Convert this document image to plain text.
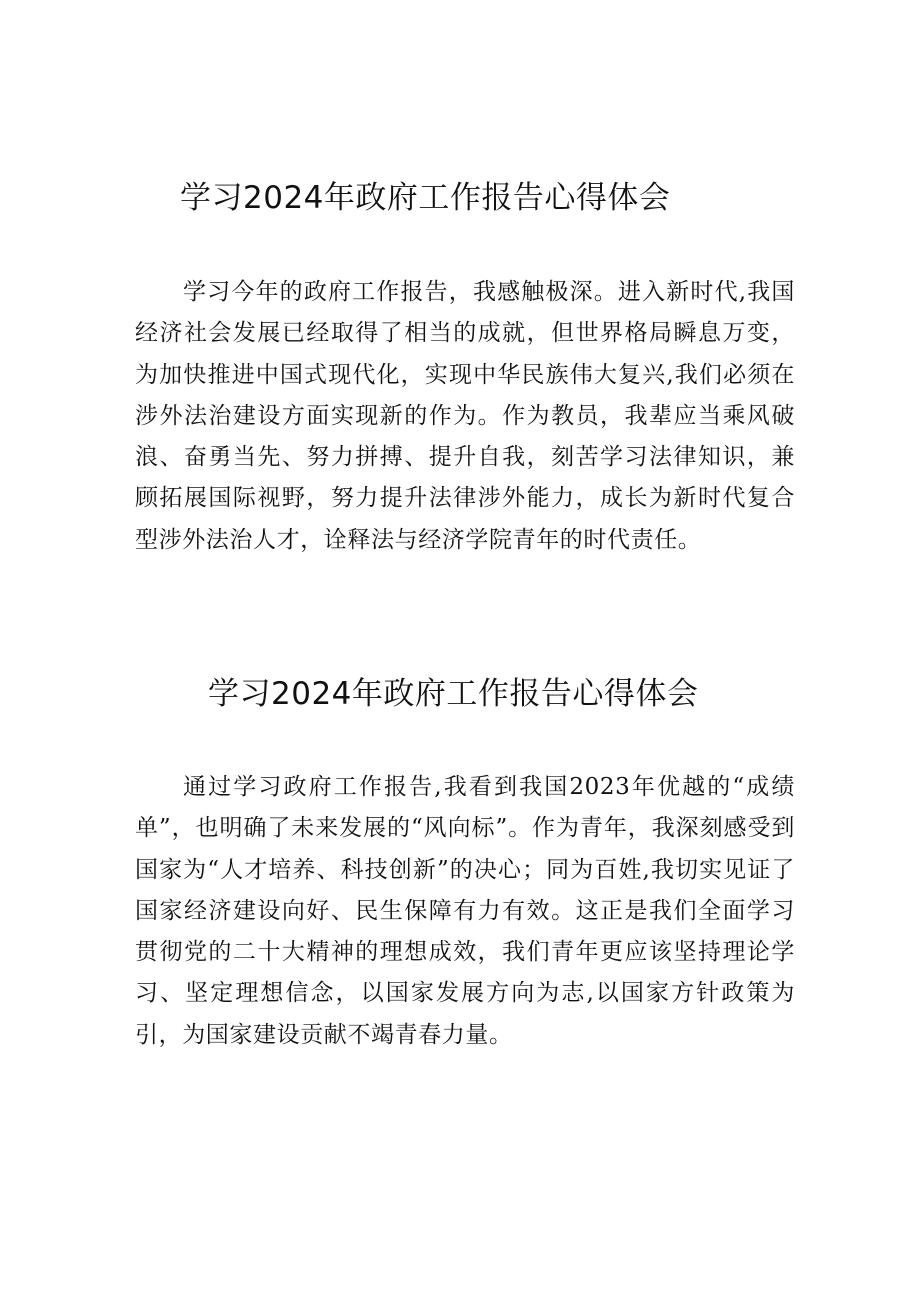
学习2024年政府工作报告心得体会

学习今年的政府工作报告，我感触极深。进入新时代,我国经济社会发展已经取得了相当的成就，但世界格局瞬息万变，为加快推进中国式现代化，实现中华民族伟大复兴,我们必须在涉外法治建设方面实现新的作为。作为教员，我辈应当乘风破浪、奋勇当先、努力拼搏、提升自我，刻苦学习法律知识，兼顾拓展国际视野，努力提升法律涉外能力，成长为新时代复合型涉外法治人才，诠释法与经济学院青年的时代责任。

学习2024年政府工作报告心得体会

通过学习政府工作报告,我看到我国2023年优越的“成绩单”，也明确了未来发展的“风向标”。作为青年，我深刻感受到国家为“人才培养、科技创新”的决心；同为百姓,我切实见证了国家经济建设向好、民生保障有力有效。这正是我们全面学习贯彻党的二十大精神的理想成效，我们青年更应该坚持理论学习、坚定理想信念，以国家发展方向为志,以国家方针政策为引，为国家建设贡献不竭青春力量。
